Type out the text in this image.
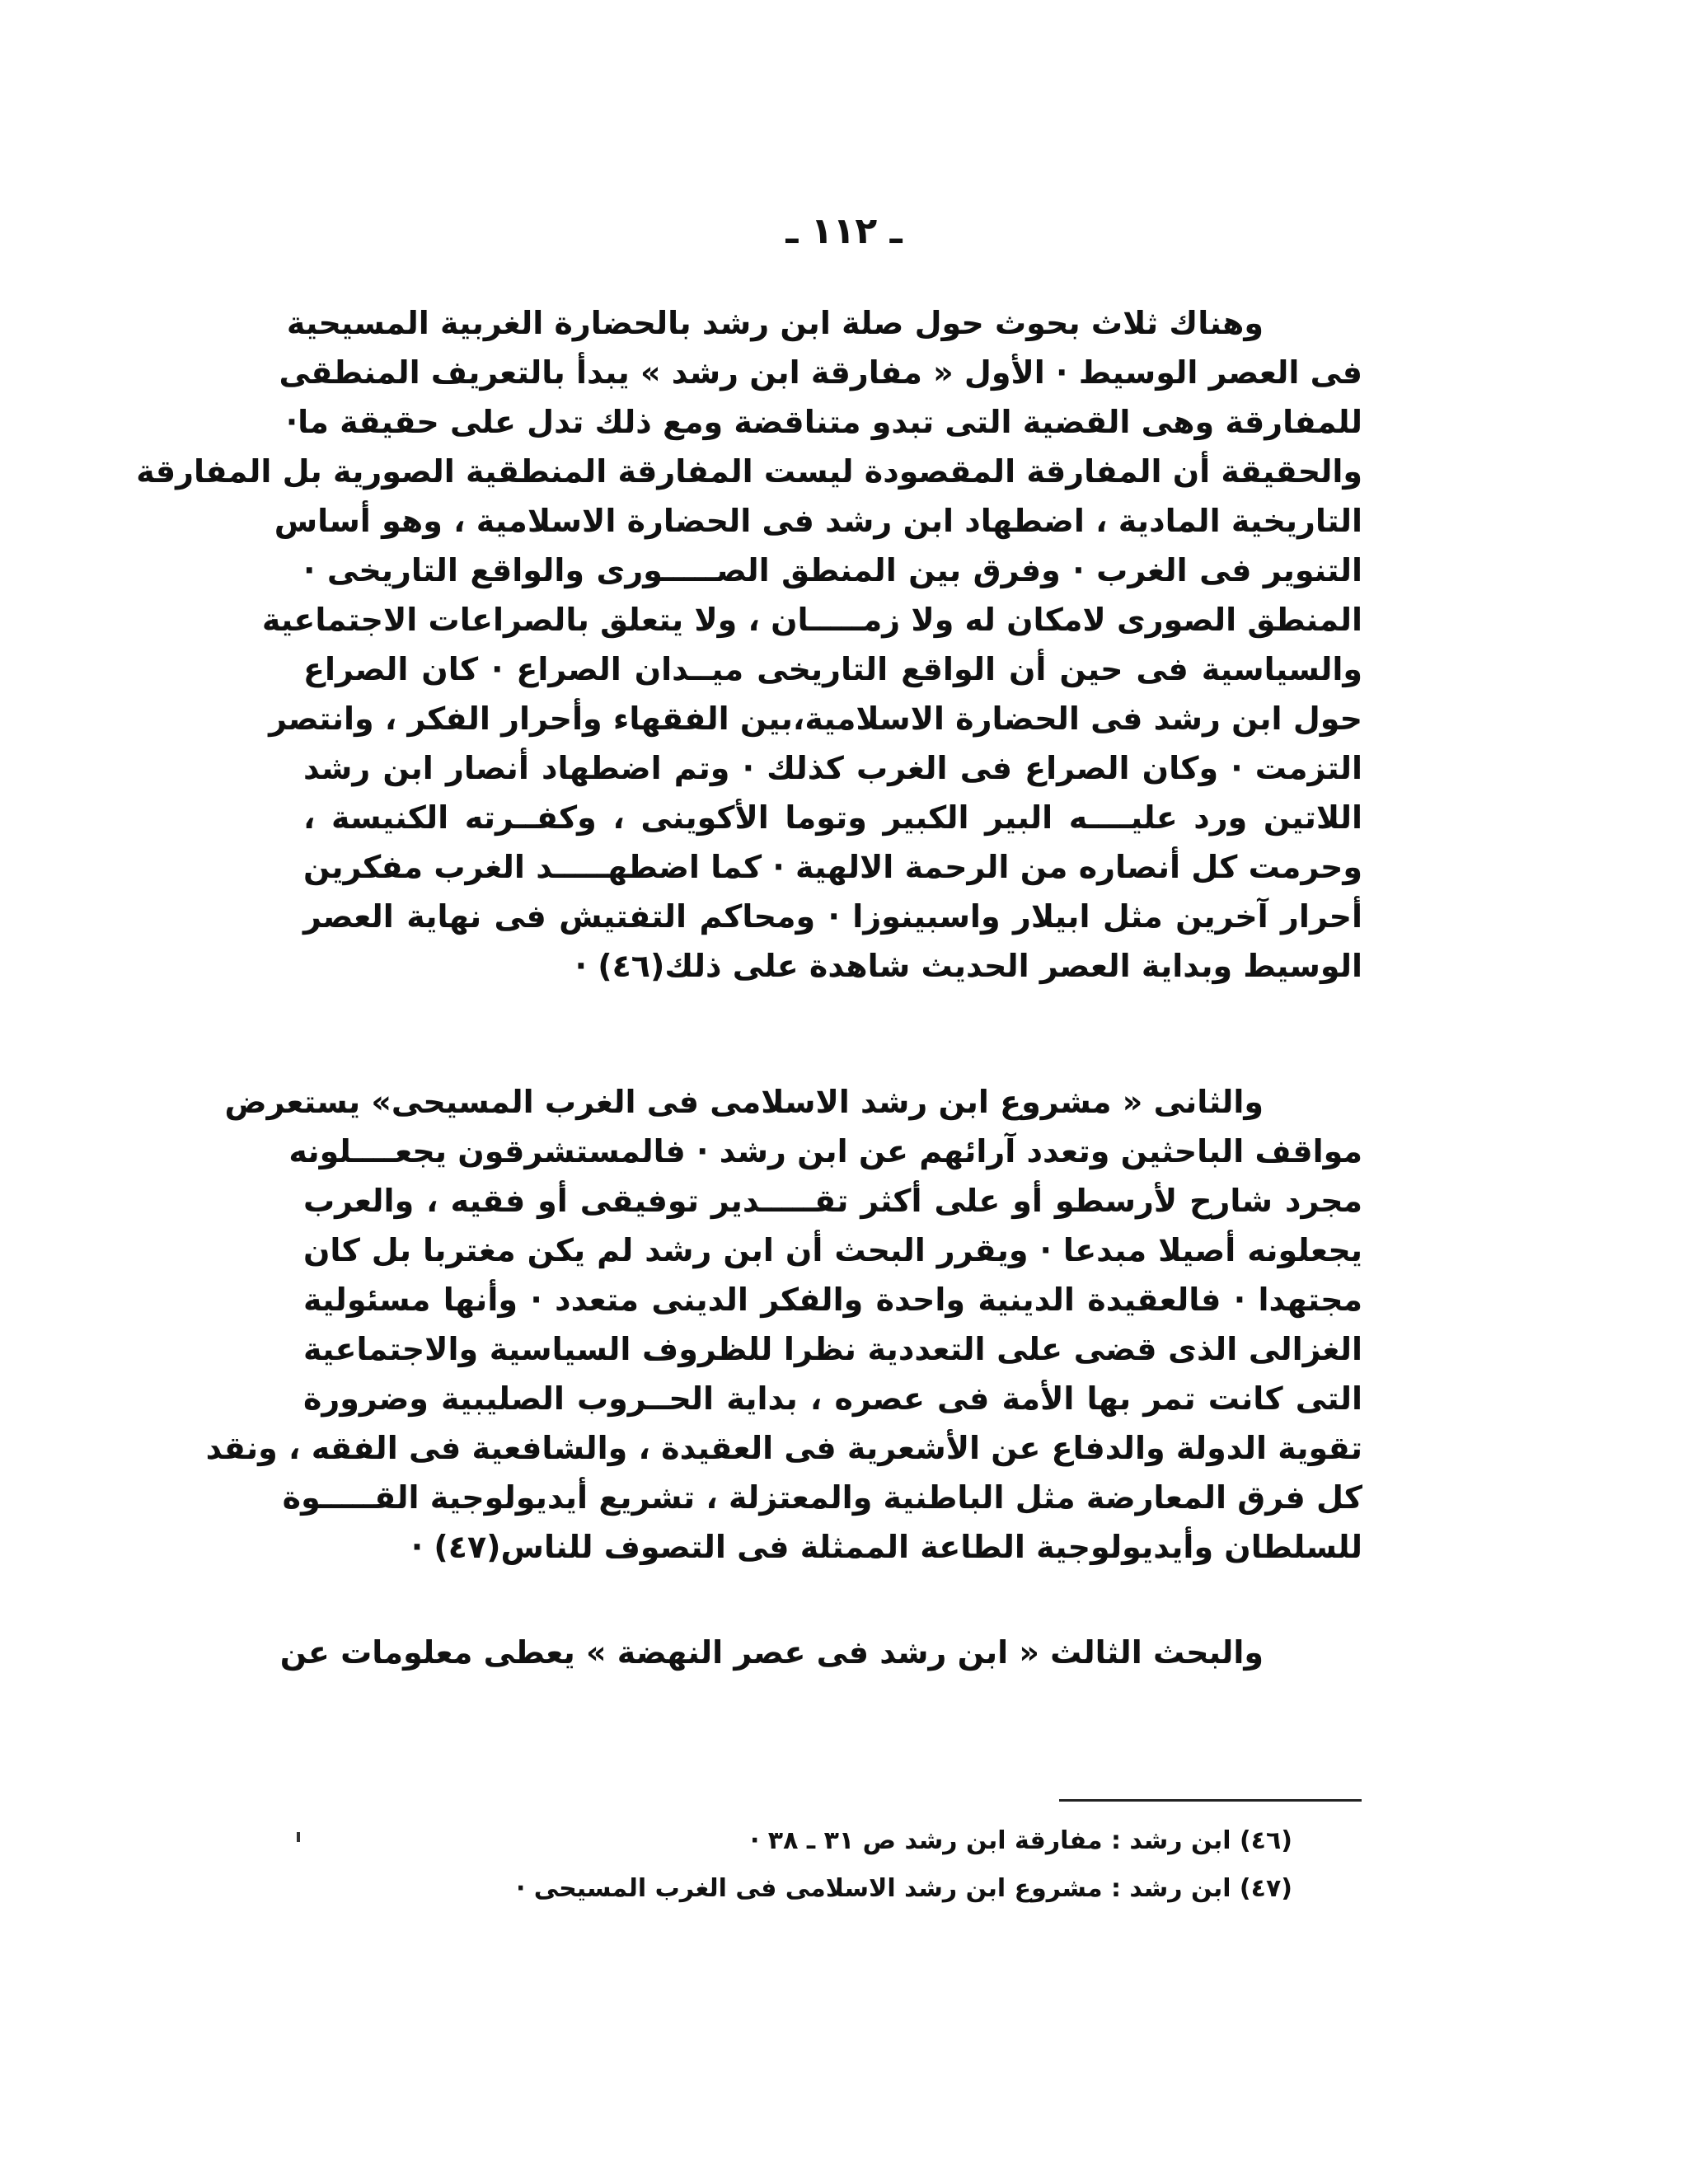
ـ ١١٢ ـ
وهناك ثلاث بحوث حول صلة ابن رشد بالحضارة الغربية المسيحية
فى العصر الوسيط · الأول « مفارقة ابن رشد » يبدأ بالتعريف المنطقى
للمفارقة وهى القضية التى تبدو متناقضة ومع ذلك تدل على حقيقة ما·
والحقيقة أن المفارقة المقصودة ليست المفارقة المنطقية الصورية بل المفارقة
التاريخية المادية ، اضطهاد ابن رشد فى الحضارة الاسلامية ، وهو أساس
التنوير فى الغرب · وفرق بين المنطق الصـــــورى والواقع التاريخى ·
المنطق الصورى لامكان له ولا زمـــــان ، ولا يتعلق بالصراعات الاجتماعية
والسياسية فى حين أن الواقع التاريخى ميــدان الصراع · كان الصراع
حول ابن رشد فى الحضارة الاسلامية،بين الفقهاء وأحرار الفكر ، وانتصر
التزمت · وكان الصراع فى الغرب كذلك · وتم اضطهاد أنصار ابن رشد
اللاتين ورد عليــــه البير الكبير وتوما الأكوينى ، وكفــرته الكنيسة ،
وحرمت كل أنصاره من الرحمة الالهية · كما اضطهـــــد الغرب مفكرين
أحرار آخرين مثل ابيلار واسبينوزا · ومحاكم التفتيش فى نهاية العصر
الوسيط وبداية العصر الحديث شاهدة على ذلك(٤٦) ·
والثانى « مشروع ابن رشد الاسلامى فى الغرب المسيحى» يستعرض
مواقف الباحثين وتعدد آرائهم عن ابن رشد · فالمستشرقون يجعــــلونه
مجرد شارح لأرسطو أو على أكثر تقـــــدير توفيقى أو فقيه ، والعرب
يجعلونه أصيلا مبدعا · ويقرر البحث أن ابن رشد لم يكن مغتربا بل كان
مجتهدا · فالعقيدة الدينية واحدة والفكر الدينى متعدد · وأنها مسئولية
الغزالى الذى قضى على التعددية نظرا للظروف السياسية والاجتماعية
التى كانت تمر بها الأمة فى عصره ، بداية الحــروب الصليبية وضرورة
تقوية الدولة والدفاع عن الأشعرية فى العقيدة ، والشافعية فى الفقه ، ونقد
كل فرق المعارضة مثل الباطنية والمعتزلة ، تشريع أيديولوجية القـــــوة
للسلطان وأيديولوجية الطاعة الممثلة فى التصوف للناس(٤٧) ·
والبحث الثالث « ابن رشد فى عصر النهضة » يعطى معلومات عن
(٤٦) ابن رشد : مفارقة ابن رشد ص ٣١ ـ ٣٨ ·
(٤٧) ابن رشد : مشروع ابن رشد الاسلامى فى الغرب المسيحى ·
